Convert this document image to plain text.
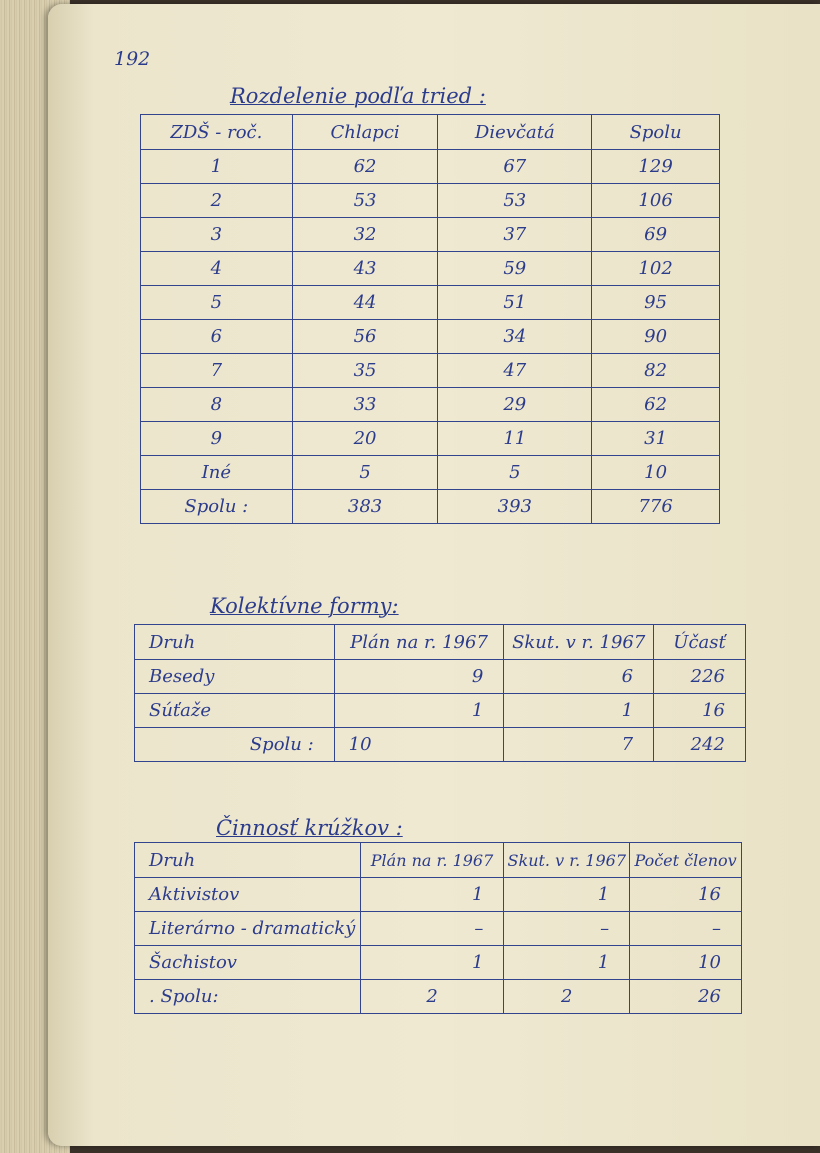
192
Rozdelenie podľa tried :
ZDŠ - roč.	Chlapci	Dievčatá	Spolu
1	62	67	129
2	53	53	106
3	32	37	69
4	43	59	102
5	44	51	95
6	56	34	90
7	35	47	82
8	33	29	62
9	20	11	31
Iné	5	5	10
Spolu :	383	393	776
Kolektívne formy:
Druh	Plán na r. 1967	Skut. v r. 1967	Účasť
Besedy	9	6	226
Súťaže	1	1	16
Spolu :	10	7	242
Činnosť krúžkov :
Druh	Plán na r. 1967	Skut. v r. 1967	Počet členov
Aktivistov	1	1	16
Literárno - dramatický	–	–	–
Šachistov	1	1	10
. Spolu:	2	2	26
